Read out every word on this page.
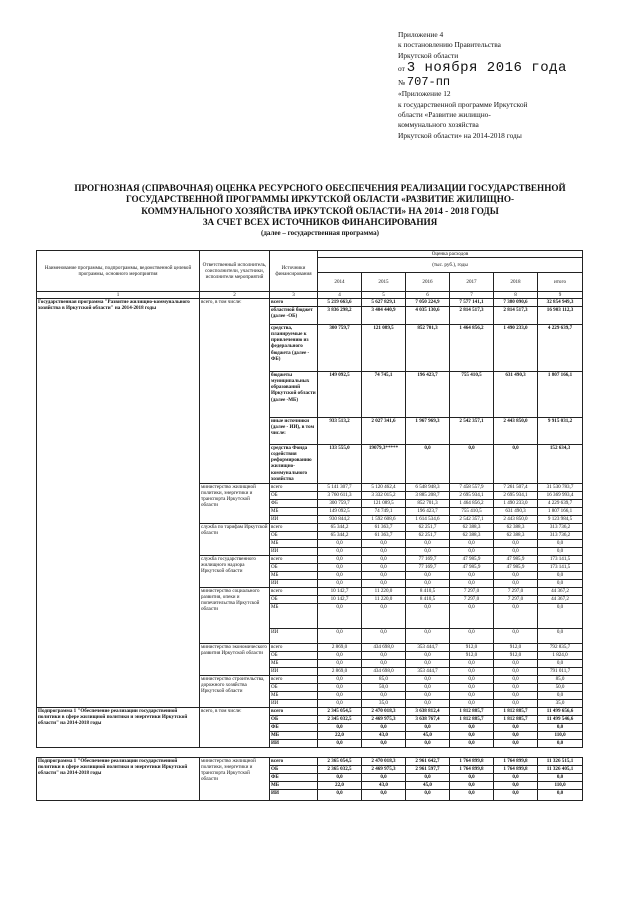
Приложение 4
к постановлению Правительства
Иркутской области
от 3 ноября 2016 года
№ 707-пп
«Приложение 12
к государственной программе Иркутской
области «Развитие жилищно-
коммунального хозяйства
Иркутской области» на 2014-2018 годы
ПРОГНОЗНАЯ (СПРАВОЧНАЯ) ОЦЕНКА РЕСУРСНОГО ОБЕСПЕЧЕНИЯ РЕАЛИЗАЦИИ ГОСУДАРСТВЕННОЙ
ГОСУДАРСТВЕННОЙ ПРОГРАММЫ ИРКУТСКОЙ ОБЛАСТИ «РАЗВИТИЕ ЖИЛИЩНО-
КОММУНАЛЬНОГО ХОЗЯЙСТВА ИРКУТСКОЙ ОБЛАСТИ» НА 2014 - 2018 ГОДЫ
ЗА СЧЕТ ВСЕХ ИСТОЧНИКОВ ФИНАНСИРОВАНИЯ
(далее – государственная программа)
Наименование программы, подпрограммы, ведомственной целевой программы, основного мероприятия	Ответственный исполнитель, соисполнители, участники, исполнители мероприятий	Источники финансирования	Оценка расходов					

			(тыс. руб.), годы					
			2014	2015	2016	2017	2018	итого
1	2	3	4	5	6	7	8	9
Государственная программа "Развитие жилищно-коммунального хозяйства в Иркутской области" на 2014-2018 годы	всего, в том числе:	всего	5 219 663,6	5 627 829,1	7 050 224,9	7 577 141,1	7 380 090,6	32 854 949,3
		областной бюджет (далее -ОБ)	3 836 298,2	3 404 440,9	4 035 130,6	2 814 517,3	2 814 517,3	16 903 112,3
		средства, планируемые к привлечению из федерального бюджета (далее - ФБ)	300 759,7	121 089,5	852 701,3	1 464 856,2	1 490 233,0	4 229 639,7
		бюджеты муниципальных образований Иркутской области (далее -МБ)	149 092,5	74 745,1	196 423,7	755 410,5	631 490,3	1 807 166,1
		иные источники (далее - ИИ), в том числе:	933 513,2	2 027 341,6	1 967 969,3	2 542 357,1	2 443 850,0	9 915 031,2
		средства Фонда содействия реформированию жилищно-коммунального хозяйства	133 555,0	19079,3*****	0,0	0,0	0,0	152 634,3
	министерство жилищной политики, энергетики и транспорта Иркутской области	всего	5 141 307,7	5 120 462,4	6 548 948,3	7 458 557,9	7 261 507,4	31 530 783,7
		ОБ	3 760 611,3	3 332 015,2	3 885 208,7	2 695 934,1	2 695 934,1	16 369 993,4
		ФБ	300 759,7	121 089,5	852 701,3	1 464 856,2	1 490 233,0	4 229 639,7
		МБ	149 092,5	74 749,1	196 423,7	755 410,5	631 490,3	1 807 166,1
		ИИ	930 844,2	1 592 608,6	1 614 534,6	2 542 357,1	2 443 850,0	9 123 984,5
	служба по тарифам Иркутской области	всего	65 344,2	61 363,7	62 251,7	62 388,3	62 388,3	313 736,2
		ОБ	65 344,2	61 363,7	62 251,7	62 388,3	62 388,3	313 736,2
		МБ	0,0	0,0	0,0	0,0	0,0	0,0
		ИИ	0,0	0,0	0,0	0,0	0,0	0,0
	служба государственного жилищного надзора Иркутской области	всего	0,0	0,0	77 169,7	47 985,9	47 985,9	173 141,5
		ОБ	0,0	0,0	77 169,7	47 985,9	47 985,9	173 141,5
		МБ	0,0	0,0	0,0	0,0	0,0	0,0
		ИИ	0,0	0,0	0,0	0,0	0,0	0,0
	министерство социального развития, опеки и попечительства Иркутской области	всего	10 142,7	11 220,0	8 410,5	7 297,0	7 297,0	44 367,2
		ОБ	10 142,7	11 220,0	8 410,5	7 297,0	7 297,0	44 367,2
		МБ	0,0	0,0	0,0	0,0	0,0	0,0
		ИИ	0,0	0,0	0,0	0,0	0,0	0,0
	министерство экономического развития Иркутской области	всего	2 869,0	434 698,0	353 444,7	912,0	912,0	792 835,7
		ОБ	0,0	0,0	0,0	912,0	912,0	1 824,0
		МБ	0,0	0,0	0,0	0,0	0,0	0,0
		ИИ	2 869,0	434 698,0	353 444,7	0,0	0,0	791 011,7
	министерство строительства, дорожного хозяйства Иркутской области	всего	0,0	85,0	0,0	0,0	0,0	85,0
		ОБ	0,0	50,0	0,0	0,0	0,0	50,0
		МБ	0,0	0,0	0,0	0,0	0,0	0,0
		ИИ	0,0	35,0	0,0	0,0	0,0	35,0
Подпрограмма 1 "Обеспечение реализации государственной политики в сфере жилищной политики и энергетики Иркутской области" на 2014-2018 годы	всего, в том числе:	всего	2 345 054,5	2 470 018,3	3 638 812,4	1 812 885,7	1 812 885,7	11 499 656,6
		ОБ	2 345 032,5	2 469 975,3	3 638 767,4	1 812 885,7	1 812 885,7	11 499 546,6
		ФБ	0,0	0,0	0,0	0,0	0,0	0,0
		МБ	22,0	43,0	45,0	0,0	0,0	110,0
		ИИ	0,0	0,0	0,0	0,0	0,0	0,0

Подпрограмма 1 "Обеспечение реализации государственной политики в сфере жилищной политики и энергетики Иркутской области" на 2014-2018 годы	министерство жилищной политики, энергетики и транспорта Иркутской области	всего	2 365 054,5	2 470 018,3	2 961 642,7	1 764 899,8	1 764 899,8	11 326 515,1
		ОБ	2 365 032,5	2 469 975,3	2 961 597,7	1 764 899,8	1 764 899,8	11 326 405,1
		ФБ	0,0	0,0	0,0	0,0	0,0	0,0
		МБ	22,0	43,0	45,0	0,0	0,0	110,0
		ИИ	0,0	0,0	0,0	0,0	0,0	0,0
